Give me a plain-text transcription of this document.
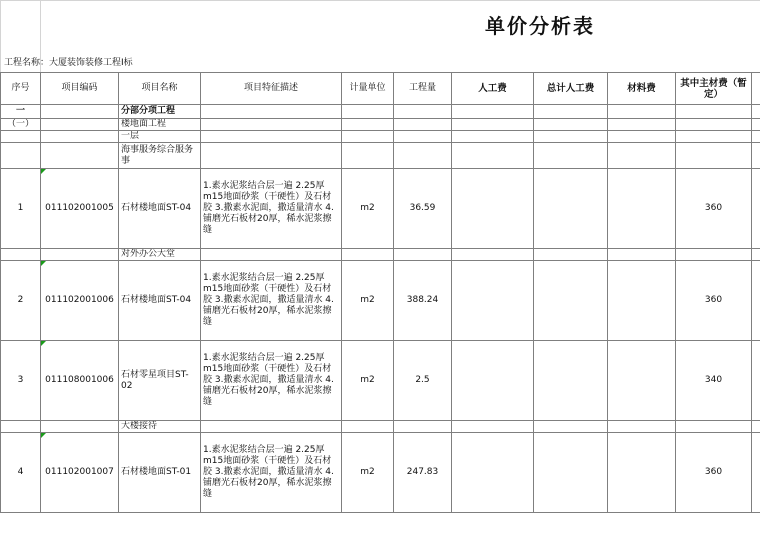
序号	项目编码	项目名称	项目特征描述	计量单位	工程量	人工费	总计人工费	材料费	其中主材费（暂定）	
一		分部分项工程								
（一）		楼地面工程								
		一层								
		海事服务综合服务事								
1	011102001005	石材楼地面ST-04	1.素水泥浆结合层一遍 2.25厚m15地面砂浆（干硬性）及石材胶 3.撒素水泥面，撒适量清水 4.铺磨光石板材20厚，稀水泥浆擦缝	m2	36.59				360	
		对外办公大堂								
2	011102001006	石材楼地面ST-04	1.素水泥浆结合层一遍 2.25厚m15地面砂浆（干硬性）及石材胶 3.撒素水泥面，撒适量清水 4.铺磨光石板材20厚，稀水泥浆擦缝	m2	388.24				360	
3	011108001006	石材零星项目ST-02	1.素水泥浆结合层一遍 2.25厚m15地面砂浆（干硬性）及石材胶 3.撒素水泥面，撒适量清水 4.铺磨光石板材20厚，稀水泥浆擦缝	m2	2.5				340	
		大楼接待								
4	011102001007	石材楼地面ST-01	1.素水泥浆结合层一遍 2.25厚m15地面砂浆（干硬性）及石材胶 3.撒素水泥面，撒适量清水 4.铺磨光石板材20厚，稀水泥浆擦缝	m2	247.83				360	
单价分析表
工程名称：大厦装饰装修工程Ⅰ标
